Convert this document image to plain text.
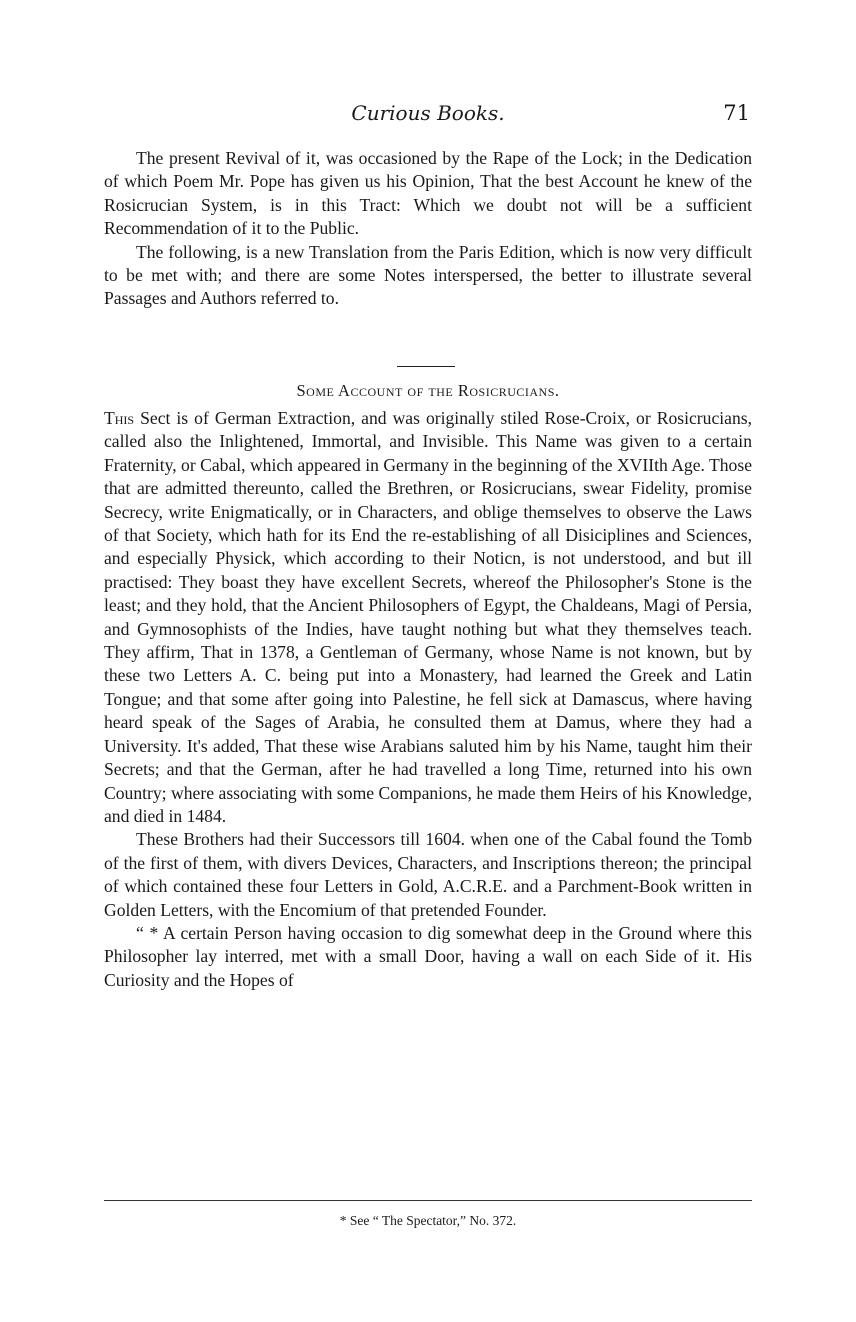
Curious Books.	71

The present Revival of it, was occasioned by the Rape of the Lock; in the Dedication of which Poem Mr. Pope has given us his Opinion, That the best Account he knew of the Rosicrucian System, is in this Tract: Which we doubt not will be a sufficient Recommendation of it to the Public.

The following, is a new Translation from the Paris Edition, which is now very difficult to be met with; and there are some Notes interspersed, the better to illustrate several Passages and Authors referred to.

Some Account of the Rosicrucians.

This Sect is of German Extraction, and was originally stiled Rose-Croix, or Rosicrucians, called also the Inlightened, Immortal, and Invisible. This Name was given to a certain Fraternity, or Cabal, which appeared in Germany in the beginning of the XVIIth Age. Those that are admitted thereunto, called the Brethren, or Rosicrucians, swear Fidelity, promise Secrecy, write Enigmatically, or in Characters, and oblige themselves to observe the Laws of that Society, which hath for its End the re-establishing of all Disiciplines and Sciences, and especially Physick, which according to their Noticn, is not understood, and but ill practised: They boast they have excellent Secrets, whereof the Philosopher's Stone is the least; and they hold, that the Ancient Philosophers of Egypt, the Chaldeans, Magi of Persia, and Gymnosophists of the Indies, have taught nothing but what they themselves teach. They affirm, That in 1378, a Gentleman of Germany, whose Name is not known, but by these two Letters A. C. being put into a Monastery, had learned the Greek and Latin Tongue; and that some after going into Palestine, he fell sick at Damascus, where having heard speak of the Sages of Arabia, he consulted them at Damus, where they had a University. It's added, That these wise Arabians saluted him by his Name, taught him their Secrets; and that the German, after he had travelled a long Time, returned into his own Country; where associating with some Companions, he made them Heirs of his Knowledge, and died in 1484.

These Brothers had their Successors till 1604. when one of the Cabal found the Tomb of the first of them, with divers Devices, Characters, and Inscriptions thereon; the principal of which contained these four Letters in Gold, A.C.R.E. and a Parchment-Book written in Golden Letters, with the Encomium of that pretended Founder.

“ * A certain Person having occasion to dig somewhat deep in the Ground where this Philosopher lay interred, met with a small Door, having a wall on each Side of it. His Curiosity and the Hopes of

* See “ The Spectator,” No. 372.
